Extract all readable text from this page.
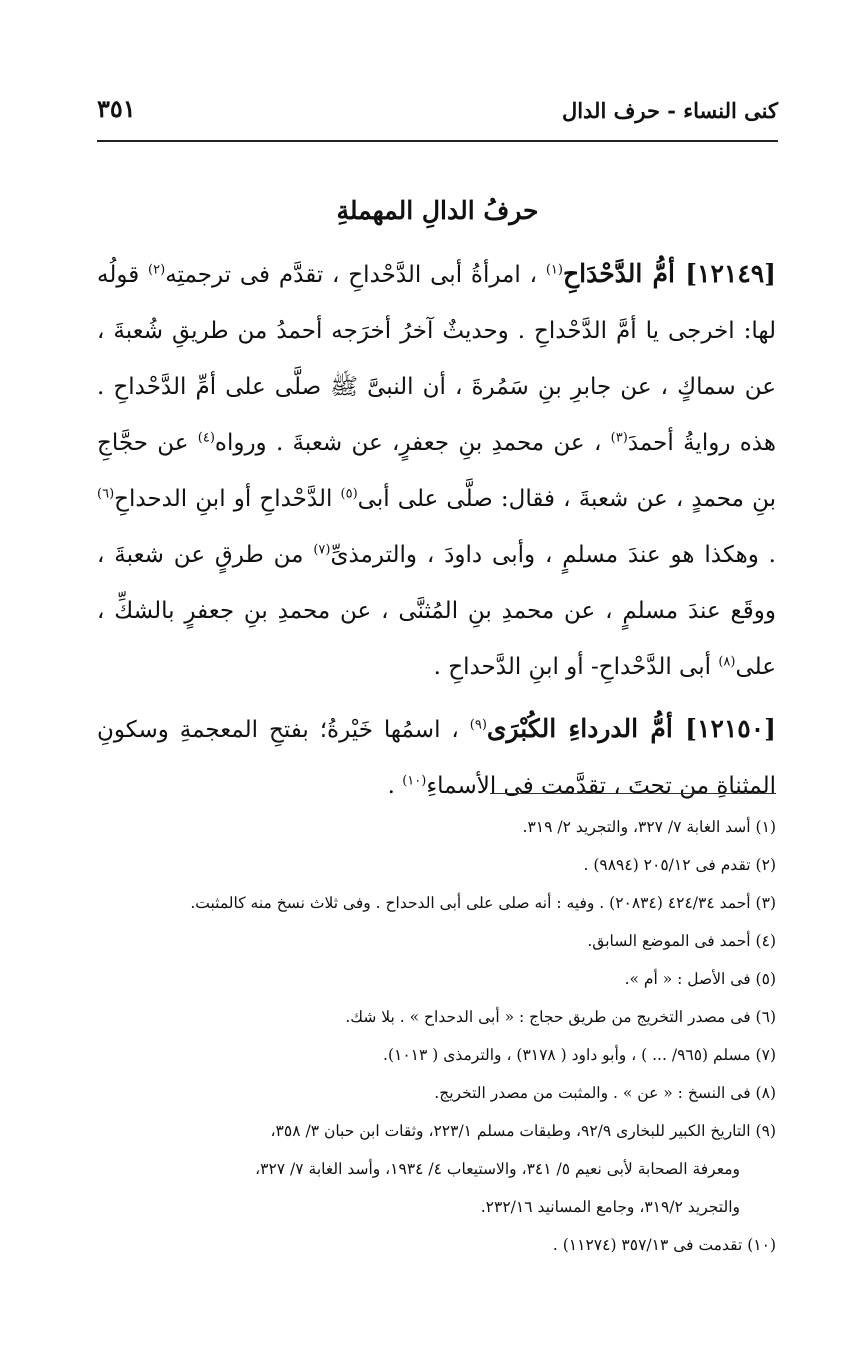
كنى النساء - حرف الدال
٣٥١
حرفُ الدالِ المهملةِ

[١٢١٤٩] أمُّ الدَّحْدَاحِ$^{(١)}$ ، امرأةُ أبى الدَّحْداحِ ، تقدَّم فى ترجمتِه$^{(٢)}$ قولُه لها: اخرجى يا أمَّ الدَّحْداحِ . وحديثٌ آخرُ أخرَجه أحمدُ من طريقِ شُعبةَ ، عن سماكٍ ، عن جابرِ بنِ سَمُرةَ ، أن النبىَّ ﷺ صلَّى على أمِّ الدَّحْداحِ . هذه روايةُ أحمدَ$^{(٣)}$ ، عن محمدِ بنِ جعفرٍ، عن شعبةَ . ورواه$^{(٤)}$ عن حجَّاجِ بنِ محمدٍ ، عن شعبةَ ، فقال: صلَّى على أبى$^{(٥)}$ الدَّحْداحِ أو ابنِ الدحداحِ$^{(٦)}$ . وهكذا هو عندَ مسلمٍ ، وأبى داودَ ، والترمذىِّ$^{(٧)}$ من طرقٍ عن شعبةَ ، ووقَع عندَ مسلمٍ ، عن محمدِ بنِ المُثنَّى ، عن محمدِ بنِ جعفرٍ بالشكِّ ، على$^{(٨)}$ أبى الدَّحْداحِ- أو ابنِ الدَّحداحِ .

[١٢١٥٠] أمُّ الدرداءِ الكُبْرَى$^{(٩)}$ ، اسمُها خَيْرةُ؛ بفتحِ المعجمةِ وسكونِ المثناةِ من تحتَ ، تقدَّمت فى الأسماءِ$^{(١٠)}$ .

(١) أسد الغابة ٧/ ٣٢٧، والتجريد ٢/ ٣١٩.

(٢) تقدم فى ٢٠٥/١٢ (٩٨٩٤) .

(٣) أحمد ٤٢٤/٣٤ (٢٠٨٣٤) . وفيه : أنه صلى على أبى الدحداح . وفى ثلاث نسخ منه كالمثبت.

(٤) أحمد فى الموضع السابق.

(٥) فى الأصل : « أم ».

(٦) فى مصدر التخريج من طريق حجاج : « أبى الدحداح » . بلا شك.

(٧) مسلم (٩٦٥/ ... ) ، وأبو داود ( ٣١٧٨) ، والترمذى ( ١٠١٣).

(٨) فى النسخ : « عن » . والمثبت من مصدر التخريج.

(٩) التاريخ الكبير للبخارى ٩٢/٩، وطبقات مسلم ٢٢٣/١، وثقات ابن حبان ٣/ ٣٥٨،

ومعرفة الصحابة لأبى نعيم ٥/ ٣٤١، والاستيعاب ٤/ ١٩٣٤، وأسد الغابة ٧/ ٣٢٧،

والتجريد ٣١٩/٢، وجامع المسانيد ٢٣٢/١٦.

(١٠) تقدمت فى ٣٥٧/١٣ (١١٢٧٤) .
